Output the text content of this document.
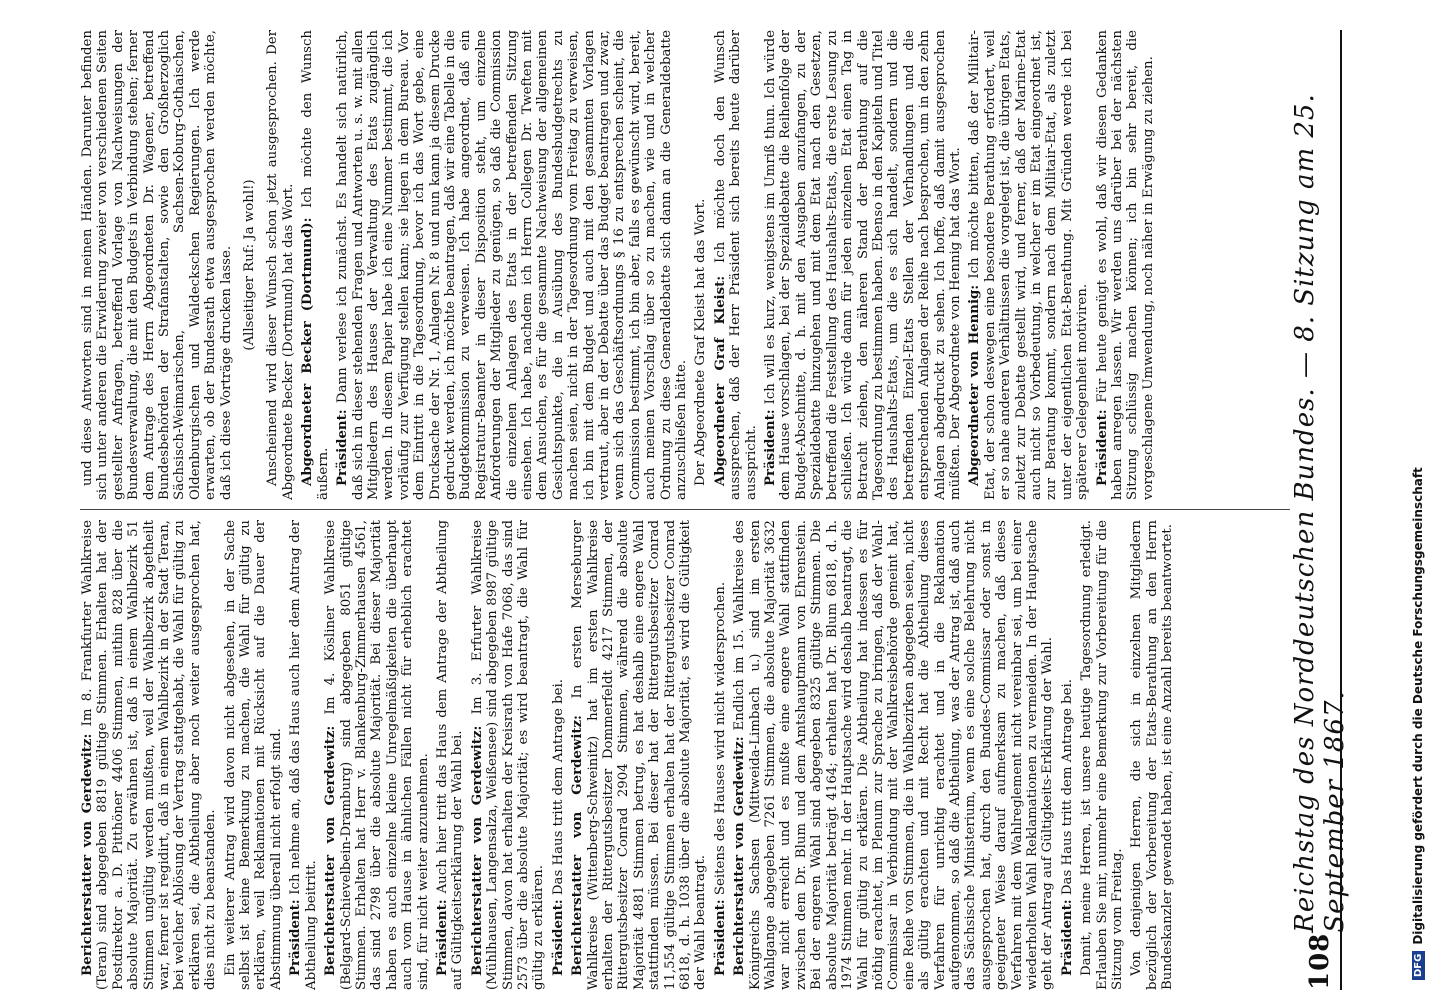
Berichterstatter von Gerdewitz: Im 8. Frankfurter Wahlkreise (Teran) sind abgegeben 8819 gültige Stimmen. Erhalten hat der Postdirektor a. D. Pitthöner 4406 Stimmen, mithin 828 über die absolute Majorität. Zu erwähnen ist, daß in einem Wahlbezirk 51 Stimmen ungültig werden mußten, weil der Wahlbezirk abgetheilt war, ferner ist regidirt, daß in einem Wahlbezirk in der Stadt Teran, bei welcher Ablösung der Vertrag stattgehabt, die Wahl für gültig zu erklären sei, die Abtheilung aber noch weiter ausgesprochen hat, dies nicht zu beanstanden. Ein weiterer Antrag wird davon nicht abgesehen, in der Sache selbst ist keine Bemerkung zu machen, die Wahl für gültig zu erklären, weil Reklamationen mit Rücksicht auf die Dauer der Abstimmung überall nicht erfolgt sind. Präsident: Ich nehme an, daß das Haus auch hier dem Antrag der Abtheilung beitritt. Berichterstatter von Gerdewitz: Im 4. Kösliner Wahlkreise (Belgard-Schievelbein-Dramburg) sind abgegeben 8051 gültige Stimmen. Erhalten hat Herr v. Blankenburg-Zimmerhausen 4561, das sind 2798 über die absolute Majorität. Bei dieser Majorität haben es auch einzelne kleine Unregelmäßigkeiten die überhaupt auch vom Hause in ähnlichen Fällen nicht für erheblich erachtet sind, für nicht weiter anzunehmen. Präsident: Auch hier tritt das Haus dem Antrage der Abtheilung auf Gültigkeitserklärung der Wahl bei. Berichterstatter von Gerdewitz: Im 3. Erfurter Wahlkreise (Mühlhausen, Langensalza, Weißensee) sind abgegeben 8987 gültige Stimmen, davon hat erhalten der Kreisrath von Hafe 7068, das sind 2573 über die absolute Majorität; es wird beantragt, die Wahl für gültig zu erklären. Präsident: Das Haus tritt dem Antrage bei. Berichterstatter von Gerdewitz: In ersten Merseburger Wahlkreise (Wittenberg-Schweinitz) hat im ersten Wahlkreise erhalten der Rittergutsbesitzer Dommerfeldt 4217 Stimmen, der Rittergutsbesitzer Conrad 2904 Stimmen, während die absolute Majorität 4881 Stimmen betrug, es hat deshalb eine engere Wahl stattfinden müssen. Bei dieser hat der Rittergutsbesitzer Conrad 11,554 gültige Stimmen erhalten hat der Rittergutsbesitzer Conrad 6818, d. h. 1038 über die absolute Majorität, es wird die Gültigkeit der Wahl beantragt. Präsident: Seitens des Hauses wird nicht widersprochen. Berichterstatter von Gerdewitz: Endlich im 15. Wahlkreise des Königreichs Sachsen (Mittweida-Limbach u.) sind im ersten Wahlgange abgegeben 7261 Stimmen, die absolute Majorität 3632 war nicht erreicht und es mußte eine engere Wahl stattfinden zwischen dem Dr. Blum und dem Amtshauptmann von Ehrenstein. Bei der engeren Wahl sind abgegeben 8325 gültige Stimmen. Die absolute Majorität beträgt 4164; erhalten hat Dr. Blum 6818, d. h. 1974 Stimmen mehr. In der Hauptsache wird deshalb beantragt, die Wahl für gültig zu erklären. Die Abtheilung hat indessen es für nöthig erachtet, im Plenum zur Sprache zu bringen, daß der Wahl-Commissar in Verbindung mit der Wahlkreisbehörde gemeint hat, eine Reihe von Stimmen, die in Wahlbezirken abgegeben seien, nicht als gültig erachten und mit Recht hat die Abtheilung dieses Verfahren für unrichtig erachtet und in die Reklamation aufgenommen, so daß die Abtheilung, was der Antrag ist, daß auch das Sächsische Ministerium, wenn es eine solche Belehrung nicht ausgesprochen hat, durch den Bundes-Commissar oder sonst in geeigneter Weise darauf aufmerksam zu machen, daß dieses Verfahren mit dem Wahlreglement nicht vereinbar sei, um bei einer wiederholten Wahl Reklamationen zu vermeiden. In der Hauptsache geht der Antrag auf Gültigkeits-Erklärung der Wahl. Präsident: Das Haus tritt dem Antrage bei. Damit, meine Herren, ist unsere heutige Tagesordnung erledigt. Erlauben Sie mir, nunmehr eine Bemerkung zur Vorbereitung für die Sitzung vom Freitag. Von denjenigen Herren, die sich in einzelnen Mitgliedern bezüglich der Vorbereitung der Etats-Berathung an den Herrn Bundeskanzler gewendet haben, ist eine Anzahl bereits beantwortet.

und diese Antworten sind in meinen Händen. Darunter befinden sich unter anderen die Erwiderung zweier von verschiedenen Seiten gestellter Anfragen, betreffend Vorlage von Nachweisungen der Bundesverwaltung, die mit den Budgets in Verbindung stehen; ferner dem Antrage des Herrn Abgeordneten Dr. Wagener, betreffend Bundesbehörden der Strafanstalten, sowie den Großherzoglich Sächsisch-Weimarischen, Sachsen-Koburg-Gothaischen, Oldenburgischen und Waldeckschen Regierungen. Ich werde erwarten, ob der Bundesrath etwa ausgesprochen werden möchte, daß ich diese Vorträge drucken lasse. (Allseitiger Ruf: Ja wohl!) Anscheinend wird dieser Wunsch schon jetzt ausgesprochen. Der Abgeordnete Becker (Dortmund) hat das Wort. Abgeordneter Becker (Dortmund): Ich möchte den Wunsch äußern. Präsident: Dann verlese ich zunächst. Es handelt sich natürlich, daß sich in dieser stehenden Fragen und Antworten u. s. w. mit allen Mitgliedern des Hauses der Verwaltung des Etats zugänglich werden. In diesem Papier habe ich eine Nummer bestimmt, die ich vorläufig zur Verfügung stellen kann; sie liegen in dem Bureau. Vor dem Eintritt in die Tagesordnung, bevor ich das Wort gebe, eine Drucksache der Nr. 1, Anlagen Nr. 8 und nun kann ja diesem Drucke gedruckt werden, ich möchte beantragen, daß wir eine Tabelle in die Budgetkommission zu verweisen. Ich habe angeordnet, daß ein Registratur-Beamter in dieser Disposition steht, um einzelne Anforderungen der Mitglieder zu genügen, so daß die Commission die einzelnen Anlagen des Etats in der betreffenden Sitzung einsehen. Ich habe, nachdem ich Herrn Collegen Dr. Tweften mit dem Ansuchen, es für die gesammte Nachweisung der allgemeinen Gesichtspunkte, die in Ausübung des Bundesbudgetrechts zu machen seien, nicht in der Tagesordnung vom Freitag zu verweisen, ich bin mit dem Budget und auch mit den gesammten Vorlagen vertraut, aber in der Debatte über das Budget beantragen und zwar, wenn sich das Geschäftsordnungs § 16 zu entsprechen scheint, die Commission bestimmt, ich bin aber, falls es gewünscht wird, bereit, auch meinen Vorschlag über so zu machen, wie und in welcher Ordnung zu diese Generaldebatte sich dann an die Generaldebatte anzuschließen hätte. Der Abgeordnete Graf Kleist hat das Wort. Abgeordneter Graf Kleist: Ich möchte doch den Wunsch aussprechen, daß der Herr Präsident sich bereits heute darüber ausspricht. Präsident: Ich will es kurz, wenigstens im Umriß thun. Ich würde dem Hause vorschlagen, bei der Spezialdebatte die Reihenfolge der Budget-Abschnitte, d. h. mit den Ausgaben anzufangen, zu der Spezialdebatte hinzugehen und mit dem Etat nach den Gesetzen, betreffend die Feststellung des Haushalts-Etats, die erste Lesung zu schließen. Ich würde dann für jeden einzelnen Etat einen Tag in Betracht ziehen, den näheren Stand der Berathung auf die Tagesordnung zu bestimmen haben. Ebenso in den Kapiteln und Titel des Haushalts-Etats, um die es sich handelt, sondern und die betreffenden Einzel-Etats Stellen der Verhandlungen und die entsprechenden Anlagen der Reihe nach besprochen, um in den zehn Anlagen abgedruckt zu sehen. Ich hoffe, daß damit ausgesprochen müßten. Der Abgeordnete von Hennig hat das Wort. Abgeordneter von Hennig: Ich möchte bitten, daß der Militair-Etat, der schon deswegen eine besondere Berathung erfordert, weil er so nahe anderen Verhältnissen die vorgelegt ist, die übrigen Etats, zuletzt zur Debatte gestellt wird, und ferner, daß der Marine-Etat auch nicht so Vorbedeutung, in welcher er im Etat eingeordnet ist, zur Beratung kommt, sondern nach dem Militair-Etat, als zuletzt unter der eigentlichen Etat-Berathung. Mit Gründen werde ich bei späterer Gelegenheit motiviren. Präsident: Für heute genügt es wohl, daß wir diesen Gedanken haben anregen lassen. Wir werden uns darüber bei der nächsten Sitzung schlüssig machen können; ich bin sehr bereit, die vorgeschlagene Umwendung, noch näher in Erwägung zu ziehen.

108
Reichstag des Norddeutschen Bundes. — 8. Sitzung am 25. September 1867.
DFG
Digitalisierung gefördert durch die Deutsche Forschungsgemeinschaft
